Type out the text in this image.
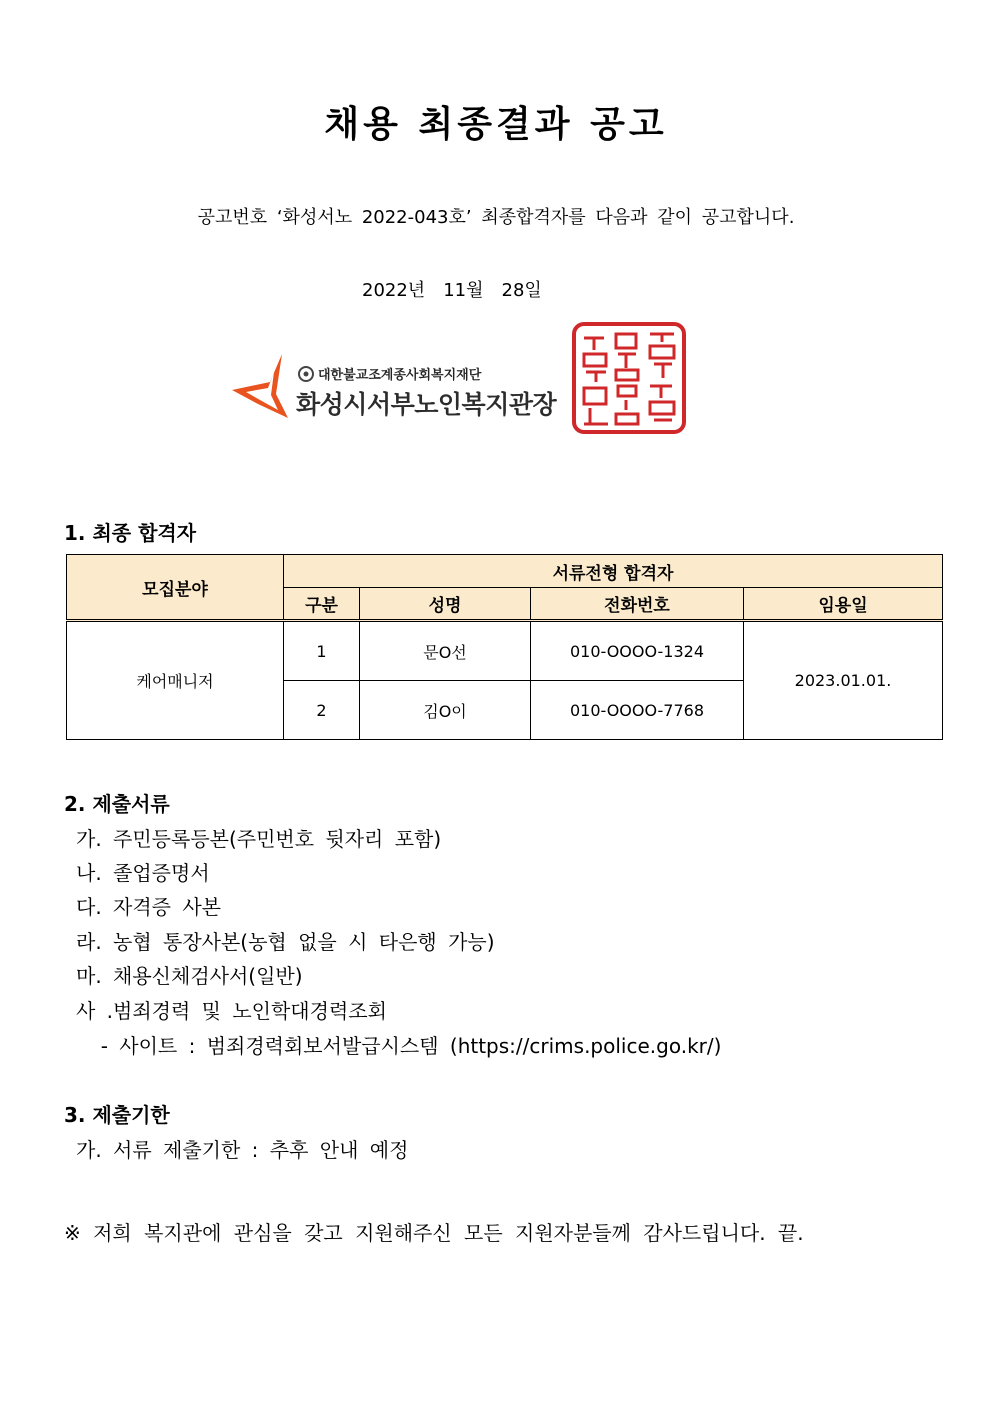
채용 최종결과 공고
공고번호 ‘화성서노 2022-043호’ 최종합격자를 다음과 같이 공고합니다.
2022년 11월 28일
대한불교조계종사회복지재단
화성시서부노인복지관장
1. 최종 합격자
모집분야	서류전형 합격자			
	구분	성명	전화번호	임용일
케어매니저	1	문O선	010-OOOO-1324	2023.01.01.
	2	김O이	010-OOOO-7768	
2. 제출서류
가. 주민등록등본(주민번호 뒷자리 포함)
나. 졸업증명서
다. 자격증 사본
라. 농협 통장사본(농협 없을 시 타은행 가능)
마. 채용신체검사서(일반)
사 .범죄경력 및 노인학대경력조회
- 사이트 : 범죄경력회보서발급시스템 (https://crims.police.go.kr/)
3. 제출기한
가. 서류 제출기한 : 추후 안내 예정
※ 저희 복지관에 관심을 갖고 지원해주신 모든 지원자분들께 감사드립니다. 끝.
